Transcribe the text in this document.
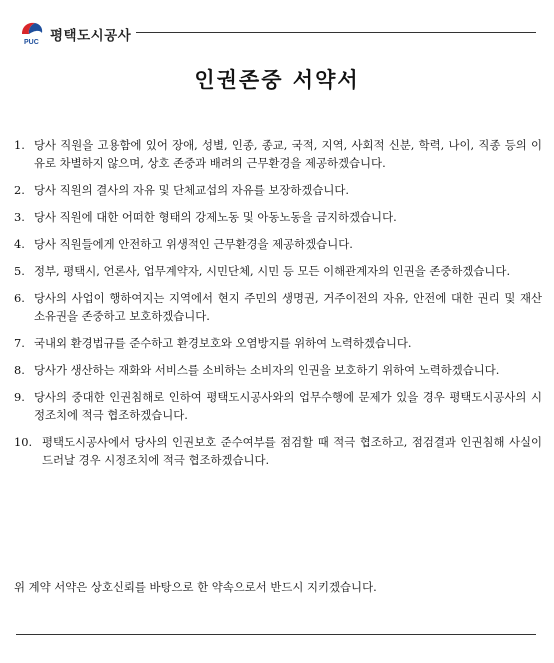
PUC 평택도시공사
인권존중 서약서
1. 당사 직원을 고용함에 있어 장애, 성별, 인종, 종교, 국적, 지역, 사회적 신분, 학력, 나이, 직종 등의 이유로 차별하지 않으며, 상호 존중과 배려의 근무환경을 제공하겠습니다.
2. 당사 직원의 결사의 자유 및 단체교섭의 자유를 보장하겠습니다.
3. 당사 직원에 대한 어떠한 형태의 강제노동 및 아동노동을 금지하겠습니다.
4. 당사 직원들에게 안전하고 위생적인 근무환경을 제공하겠습니다.
5. 정부, 평택시, 언론사, 업무계약자, 시민단체, 시민 등 모든 이해관계자의 인권을 존중하겠습니다.
6. 당사의 사업이 행하여지는 지역에서 현지 주민의 생명권, 거주이전의 자유, 안전에 대한 권리 및 재산 소유권을 존중하고 보호하겠습니다.
7. 국내외 환경법규를 준수하고 환경보호와 오염방지를 위하여 노력하겠습니다.
8. 당사가 생산하는 재화와 서비스를 소비하는 소비자의 인권을 보호하기 위하여 노력하겠습니다.
9. 당사의 중대한 인권침해로 인하여 평택도시공사와의 업무수행에 문제가 있을 경우 평택도시공사의 시정조치에 적극 협조하겠습니다.
10. 평택도시공사에서 당사의 인권보호 준수여부를 점검할 때 적극 협조하고, 점검결과 인권침해 사실이 드러날 경우 시정조치에 적극 협조하겠습니다.
위 계약 서약은 상호신뢰를 바탕으로 한 약속으로서 반드시 지키겠습니다.
